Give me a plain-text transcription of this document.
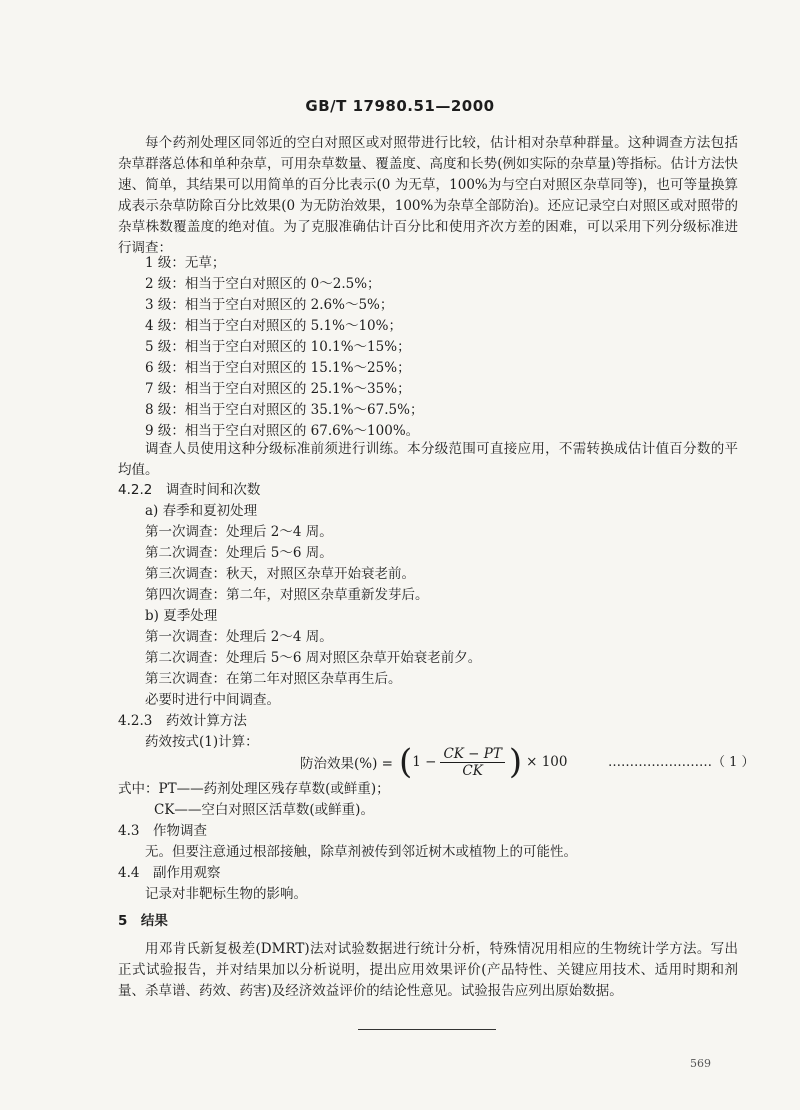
GB/T 17980.51—2000
每个药剂处理区同邻近的空白对照区或对照带进行比较，估计相对杂草种群量。这种调查方法包括杂草群落总体和单种杂草，可用杂草数量、覆盖度、高度和长势(例如实际的杂草量)等指标。估计方法快速、简单，其结果可以用简单的百分比表示(0 为无草，100%为与空白对照区杂草同等)，也可等量换算成表示杂草防除百分比效果(0 为无防治效果，100%为杂草全部防治)。还应记录空白对照区或对照带的杂草株数覆盖度的绝对值。为了克服准确估计百分比和使用齐次方差的困难，可以采用下列分级标准进行调查：
1 级：无草；
2 级：相当于空白对照区的 0～2.5%；
3 级：相当于空白对照区的 2.6%～5%；
4 级：相当于空白对照区的 5.1%～10%；
5 级：相当于空白对照区的 10.1%～15%；
6 级：相当于空白对照区的 15.1%～25%；
7 级：相当于空白对照区的 25.1%～35%；
8 级：相当于空白对照区的 35.1%～67.5%；
9 级：相当于空白对照区的 67.6%～100%。
调查人员使用这种分级标准前须进行训练。本分级范围可直接应用，不需转换成估计值百分数的平均值。
4.2.2　调查时间和次数
a) 春季和夏初处理
第一次调查：处理后 2～4 周。
第二次调查：处理后 5～6 周。
第三次调查：秋天，对照区杂草开始衰老前。
第四次调查：第二年，对照区杂草重新发芽后。
b) 夏季处理
第一次调查：处理后 2～4 周。
第二次调查：处理后 5～6 周对照区杂草开始衰老前夕。
第三次调查：在第二年对照区杂草再生后。
必要时进行中间调查。
4.2.3　药效计算方法
药效按式(1)计算：
防治效果(%) = ( $1 - \frac{CK - PT}{CK}$ ) × 100	……………………（ 1 ）
式中：PT——药剂处理区残存草数(或鲜重)；
CK——空白对照区活草数(或鲜重)。
4.3　作物调查
无。但要注意通过根部接触，除草剂被传到邻近树木或植物上的可能性。
4.4　副作用观察
记录对非靶标生物的影响。
5　结果
用邓肯氏新复极差(DMRT)法对试验数据进行统计分析，特殊情况用相应的生物统计学方法。写出正式试验报告，并对结果加以分析说明，提出应用效果评价(产品特性、关键应用技术、适用时期和剂量、杀草谱、药效、药害)及经济效益评价的结论性意见。试验报告应列出原始数据。
569
